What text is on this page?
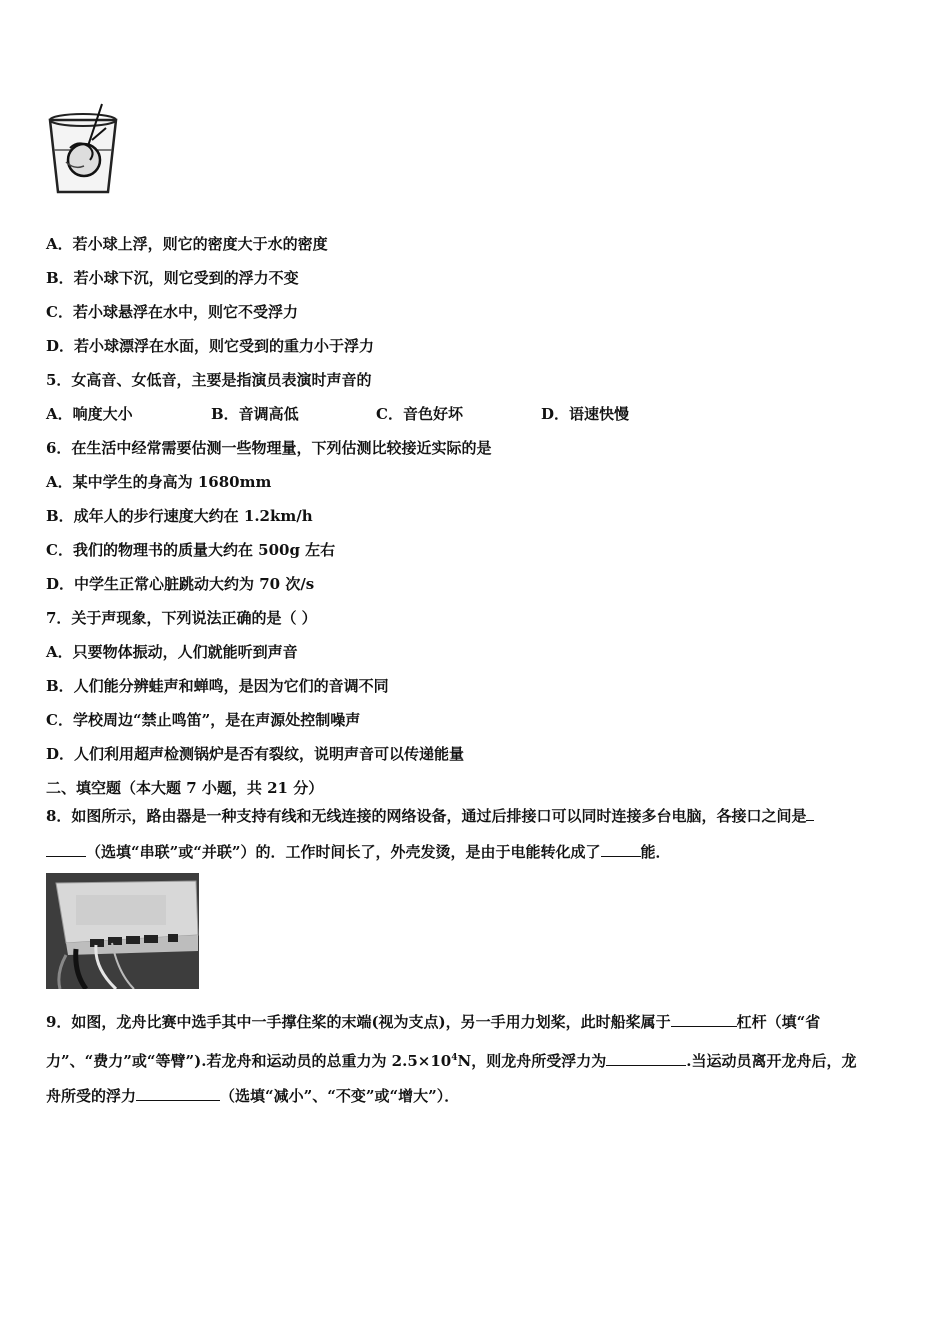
A．若小球上浮，则它的密度大于水的密度
B．若小球下沉，则它受到的浮力不变
C．若小球悬浮在水中，则它不受浮力
D．若小球漂浮在水面，则它受到的重力小于浮力
5．女高音、女低音，主要是指演员表演时声音的
A．响度大小	B．音调高低	C．音色好坏	D．语速快慢
6．在生活中经常需要估测一些物理量，下列估测比较接近实际的是
A．某中学生的身高为 1680mm
B．成年人的步行速度大约在 1.2km/h
C．我们的物理书的质量大约在 500g 左右
D．中学生正常心脏跳动大约为 70 次/s
7．关于声现象，下列说法正确的是（ ）
A．只要物体振动，人们就能听到声音
B．人们能分辨蛙声和蝉鸣，是因为它们的音调不同
C．学校周边“禁止鸣笛”，是在声源处控制噪声
D．人们利用超声检测锅炉是否有裂纹，说明声音可以传递能量
二、填空题（本大题 7 小题，共 21 分）
8．如图所示，路由器是一种支持有线和无线连接的网络设备，通过后排接口可以同时连接多台电脑，各接口之间是
（选填“串联”或“并联”）的．工作时间长了，外壳发烫，是由于电能转化成了	能．
9．如图，龙舟比赛中选手其中一手撑住桨的末端(视为支点)，另一手用力划桨，此时船桨属于	杠杆（填“省
力”、“费力”或“等臂”).若龙舟和运动员的总重力为 $2.5\times 10^4N$，则龙舟所受浮力为	.当运动员离开龙舟后，龙
舟所受的浮力	（选填“减小”、“不变”或“增大”）．
